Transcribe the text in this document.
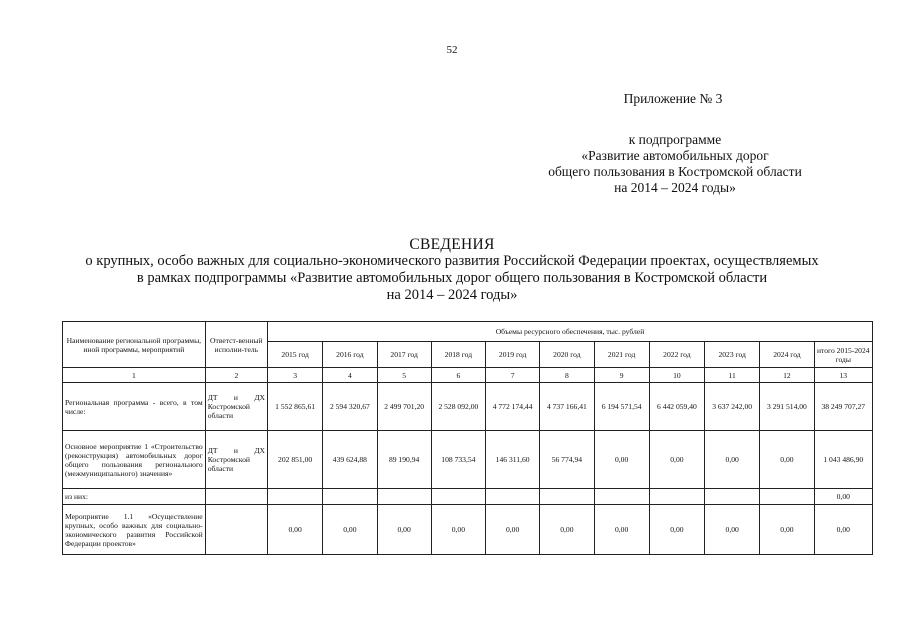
52
Приложение № 3
к подпрограмме
«Развитие автомобильных дорог
общего пользования в Костромской области
на 2014 – 2024 годы»
СВЕДЕНИЯ
о крупных, особо важных для социально-экономического развития Российской Федерации проектах, осуществляемых
в рамках подпрограммы «Развитие автомобильных дорог общего пользования в Костромской области
на 2014 – 2024 годы»
Наименование региональной программы, иной программы, мероприятий	Ответст-венный исполни-тель	Объемы ресурсного обеспечения, тыс. рублей										
		2015 год	2016 год	2017 год	2018 год	2019 год	2020 год	2021 год	2022 год	2023 год	2024 год	итого 2015-2024 годы
1	2	3	4	5	6	7	8	9	10	11	12	13
Региональная программа - всего, в том числе:	ДТ и ДХ Костромской области	1 552 865,61	2 594 320,67	2 499 701,20	2 528 092,00	4 772 174,44	4 737 166,41	6 194 571,54	6 442 059,40	3 637 242,00	3 291 514,00	38 249 707,27
Основное мероприятие 1 «Строительство (реконструкция) автомобильных дорог общего пользования регионального (межмуниципального) значения»	ДТ и ДХ Костромской области	202 851,00	439 624,88	89 190,94	108 733,54	146 311,60	56 774,94	0,00	0,00	0,00	0,00	1 043 486,90
из них:												0,00
Мероприятие 1.1 «Осуществление крупных, особо важных для социально-экономического развития Российской Федерации проектов»		0,00	0,00	0,00	0,00	0,00	0,00	0,00	0,00	0,00	0,00	0,00
